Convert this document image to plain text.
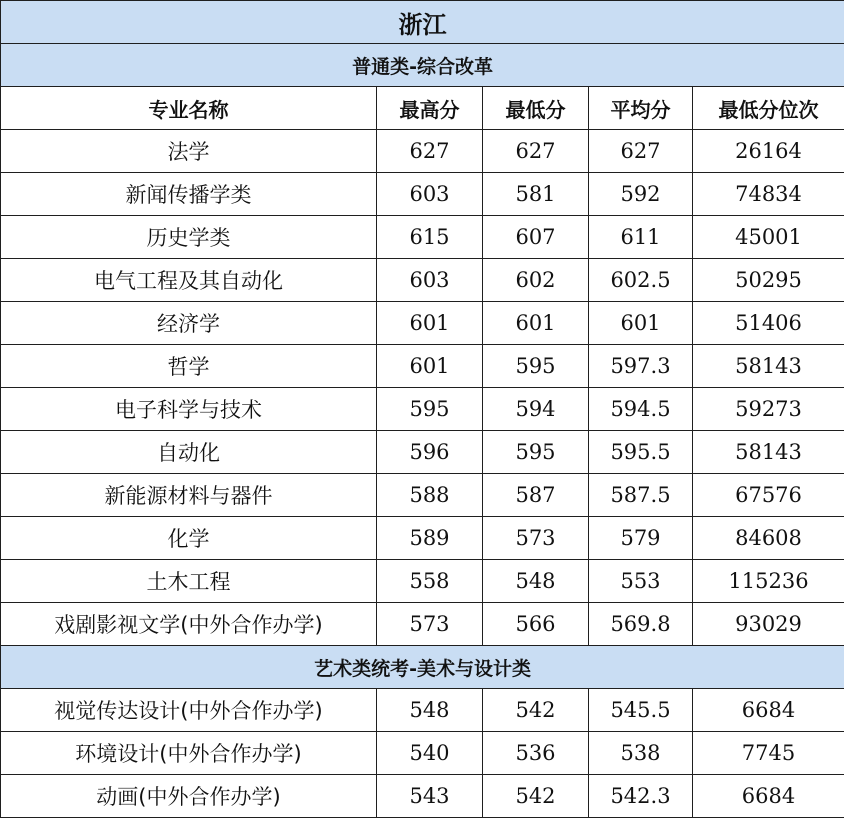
浙江				
普通类-综合改革				
专业名称	最高分	最低分	平均分	最低分位次
法学	627	627	627	26164
新闻传播学类	603	581	592	74834
历史学类	615	607	611	45001
电气工程及其自动化	603	602	602.5	50295
经济学	601	601	601	51406
哲学	601	595	597.3	58143
电子科学与技术	595	594	594.5	59273
自动化	596	595	595.5	58143
新能源材料与器件	588	587	587.5	67576
化学	589	573	579	84608
土木工程	558	548	553	115236
戏剧影视文学(中外合作办学)	573	566	569.8	93029
艺术类统考-美术与设计类				
视觉传达设计(中外合作办学)	548	542	545.5	6684
环境设计(中外合作办学)	540	536	538	7745
动画(中外合作办学)	543	542	542.3	6684
